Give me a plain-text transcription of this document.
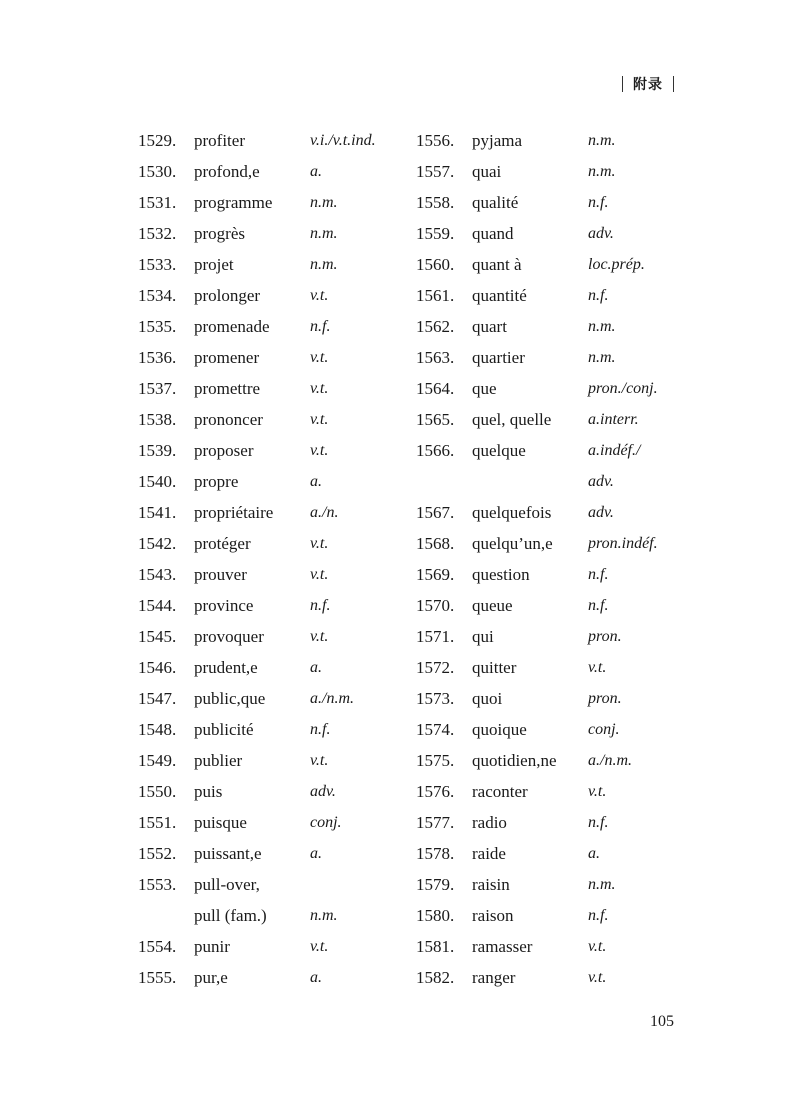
附录
1529.	profiter	v.i./v.t.ind.
1530.	profond,e	a.
1531.	programme	n.m.
1532.	progrès	n.m.
1533.	projet	n.m.
1534.	prolonger	v.t.
1535.	promenade	n.f.
1536.	promener	v.t.
1537.	promettre	v.t.
1538.	prononcer	v.t.
1539.	proposer	v.t.
1540.	propre	a.
1541.	propriétaire	a./n.
1542.	protéger	v.t.
1543.	prouver	v.t.
1544.	province	n.f.
1545.	provoquer	v.t.
1546.	prudent,e	a.
1547.	public,que	a./n.m.
1548.	publicité	n.f.
1549.	publier	v.t.
1550.	puis	adv.
1551.	puisque	conj.
1552.	puissant,e	a.
1553.	pull-over,
pull (fam.)	n.m.
1554.	punir	v.t.
1555.	pur,e	a.
1556.	pyjama	n.m.
1557.	quai	n.m.
1558.	qualité	n.f.
1559.	quand	adv.
1560.	quant à	loc.prép.
1561.	quantité	n.f.
1562.	quart	n.m.
1563.	quartier	n.m.
1564.	que	pron./conj.
1565.	quel, quelle	a.interr.
1566.	quelque	a.indéf./
adv.
1567.	quelquefois	adv.
1568.	quelqu’un,e	pron.indéf.
1569.	question	n.f.
1570.	queue	n.f.
1571.	qui	pron.
1572.	quitter	v.t.
1573.	quoi	pron.
1574.	quoique	conj.
1575.	quotidien,ne	a./n.m.
1576.	raconter	v.t.
1577.	radio	n.f.
1578.	raide	a.
1579.	raisin	n.m.
1580.	raison	n.f.
1581.	ramasser	v.t.
1582.	ranger	v.t.
105
